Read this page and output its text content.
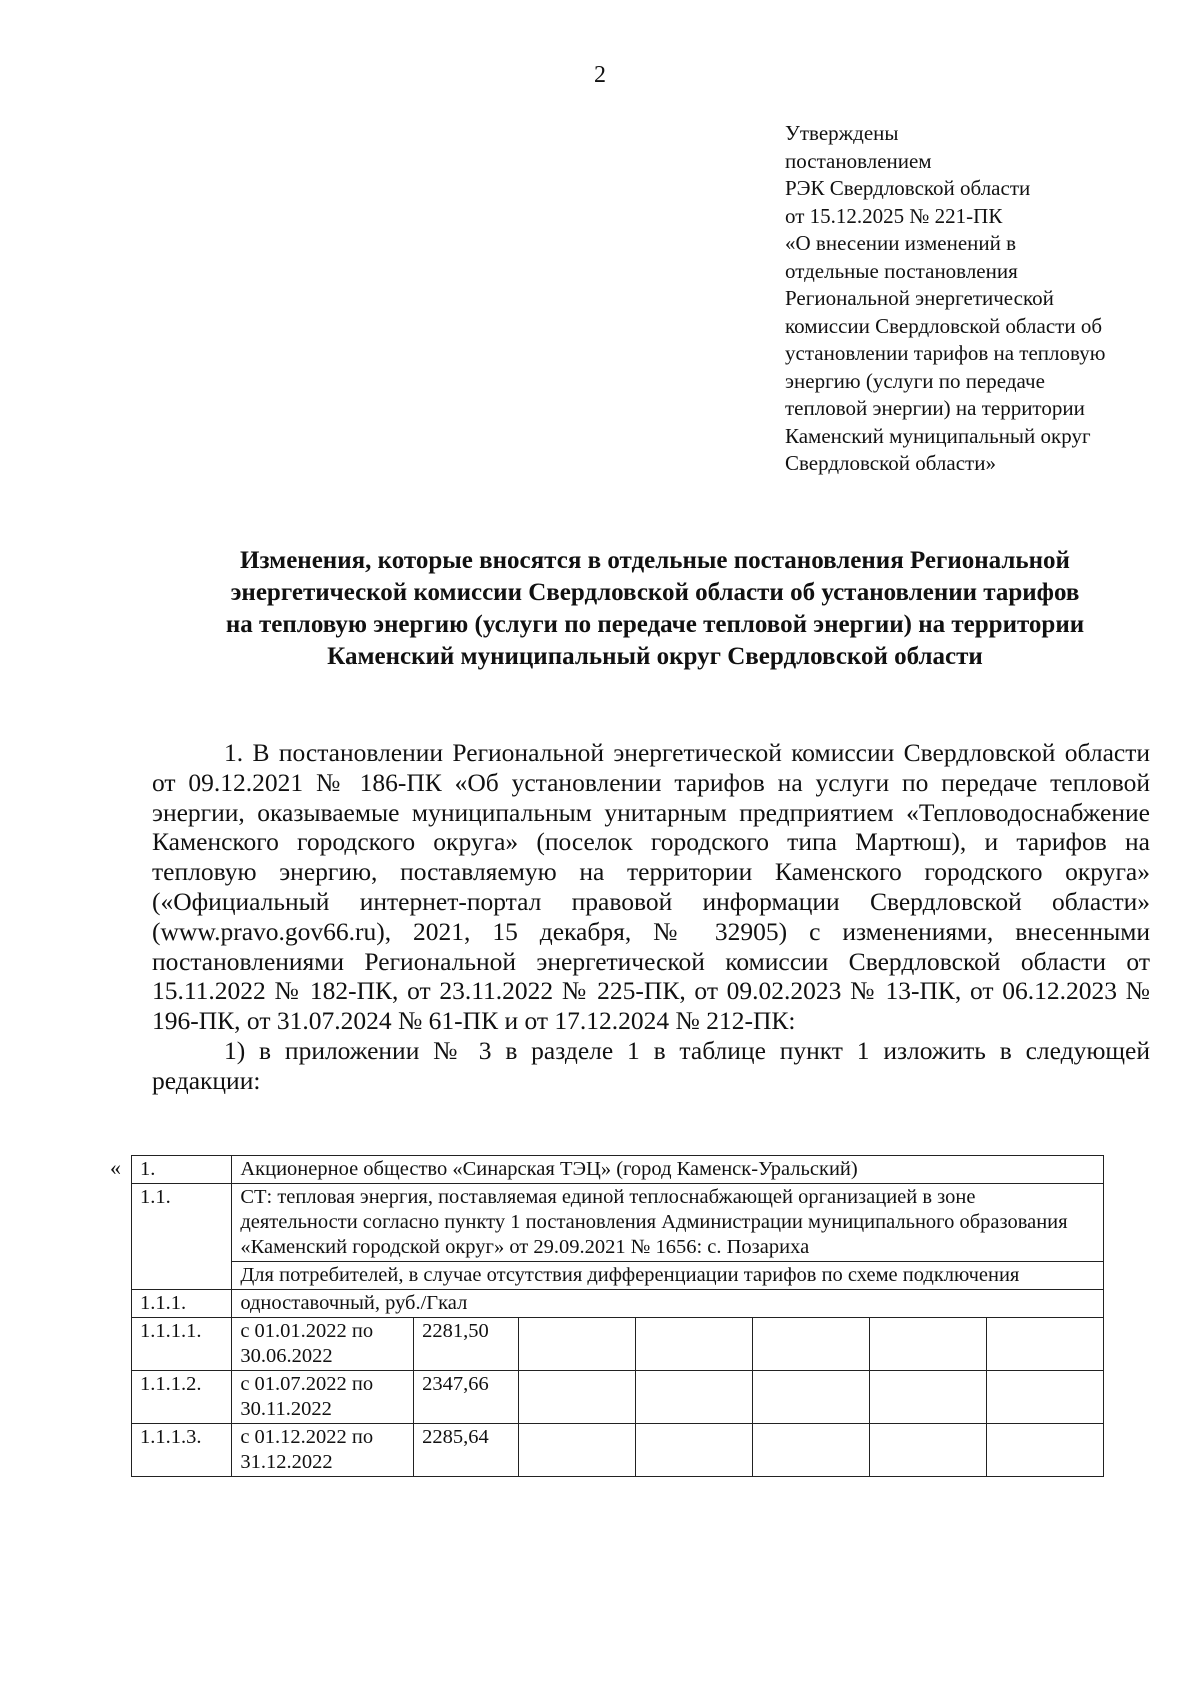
2
Утверждены
постановлением
РЭК Свердловской области
от 15.12.2025 № 221-ПК
«О внесении изменений в
отдельные постановления
Региональной энергетической
комиссии Свердловской области об
установлении тарифов на тепловую
энергию (услуги по передаче
тепловой энергии) на территории
Каменский муниципальный округ
Свердловской области»
Изменения, которые вносятся в отдельные постановления Региональной
энергетической комиссии Свердловской области об установлении тарифов
на тепловую энергию (услуги по передаче тепловой энергии) на территории
Каменский муниципальный округ Свердловской области

1. В постановлении Региональной энергетической комиссии Свердловской области от 09.12.2021 № 186-ПК «Об установлении тарифов на услуги по передаче тепловой энергии, оказываемые муниципальным унитарным предприятием «Тепловодоснабжение Каменского городского округа» (поселок городского типа Мартюш), и тарифов на тепловую энергию, поставляемую на территории Каменского городского округа» («Официальный интернет-портал правовой информации Свердловской области» (www.pravo.gov66.ru), 2021, 15 декабря, № 32905) с изменениями, внесенными постановлениями Региональной энергетической комиссии Свердловской области от 15.11.2022 № 182-ПК, от 23.11.2022 № 225-ПК, от 09.02.2023 № 13-ПК, от 06.12.2023 № 196-ПК, от 31.07.2024 № 61-ПК и от 17.12.2024 № 212-ПК:

1) в приложении № 3 в разделе 1 в таблице пункт 1 изложить в следующей редакции:

« 1.	Акционерное общество «Синарская ТЭЦ» (город Каменск-Уральский)						
1.1.	СТ: тепловая энергия, поставляемая единой теплоснабжающей организацией в зоне деятельности согласно пункту 1 постановления Администрации муниципального образования «Каменский городской округ» от 29.09.2021 № 1656: с. Позариха						
	Для потребителей, в случае отсутствия дифференциации тарифов по схеме подключения						
1.1.1.	одноставочный, руб./Гкал						
1.1.1.1.	с 01.01.2022 по 30.06.2022	2281,50					
1.1.1.2.	с 01.07.2022 по 30.11.2022	2347,66					
1.1.1.3.	с 01.12.2022 по 31.12.2022	2285,64					
